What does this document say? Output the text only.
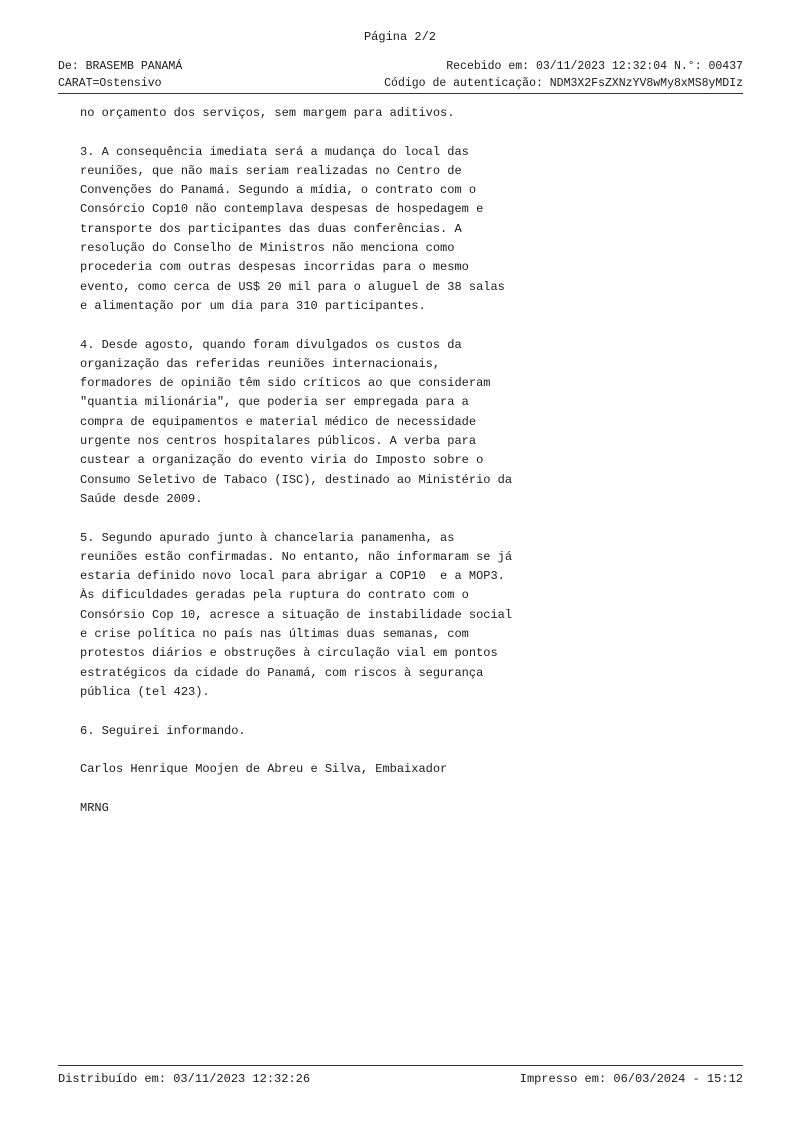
Página 2/2
De: BRASEMB PANAMÁ	Recebido em: 03/11/2023 12:32:04 N.°: 00437
CARAT=Ostensivo	Código de autenticação: NDM3X2FsZXNzYV8wMy8xMS8yMDIz

no orçamento dos serviços, sem margem para aditivos.

3. A consequência imediata será a mudança do local das
reuniões, que não mais seriam realizadas no Centro de
Convenções do Panamá. Segundo a mídia, o contrato com o
Consórcio Cop10 não contemplava despesas de hospedagem e
transporte dos participantes das duas conferências. A
resolução do Conselho de Ministros não menciona como
procederia com outras despesas incorridas para o mesmo
evento, como cerca de US$ 20 mil para o aluguel de 38 salas
e alimentação por um dia para 310 participantes.

4. Desde agosto, quando foram divulgados os custos da
organização das referidas reuniões internacionais,
formadores de opinião têm sido críticos ao que consideram
"quantia milionária", que poderia ser empregada para a
compra de equipamentos e material médico de necessidade
urgente nos centros hospitalares públicos. A verba para
custear a organização do evento viria do Imposto sobre o
Consumo Seletivo de Tabaco (ISC), destinado ao Ministério da
Saúde desde 2009.

5. Segundo apurado junto à chancelaria panamenha, as
reuniões estão confirmadas. No entanto, não informaram se já
estaria definido novo local para abrigar a COP10  e a MOP3.
Às dificuldades geradas pela ruptura do contrato com o
Consórsio Cop 10, acresce a situação de instabilidade social
e crise política no país nas últimas duas semanas, com
protestos diários e obstruções à circulação vial em pontos
estratégicos da cidade do Panamá, com riscos à segurança
pública (tel 423).

6. Seguirei informando.

Carlos Henrique Moojen de Abreu e Silva, Embaixador

MRNG

Distribuído em: 03/11/2023 12:32:26	Impresso em: 06/03/2024 - 15:12
